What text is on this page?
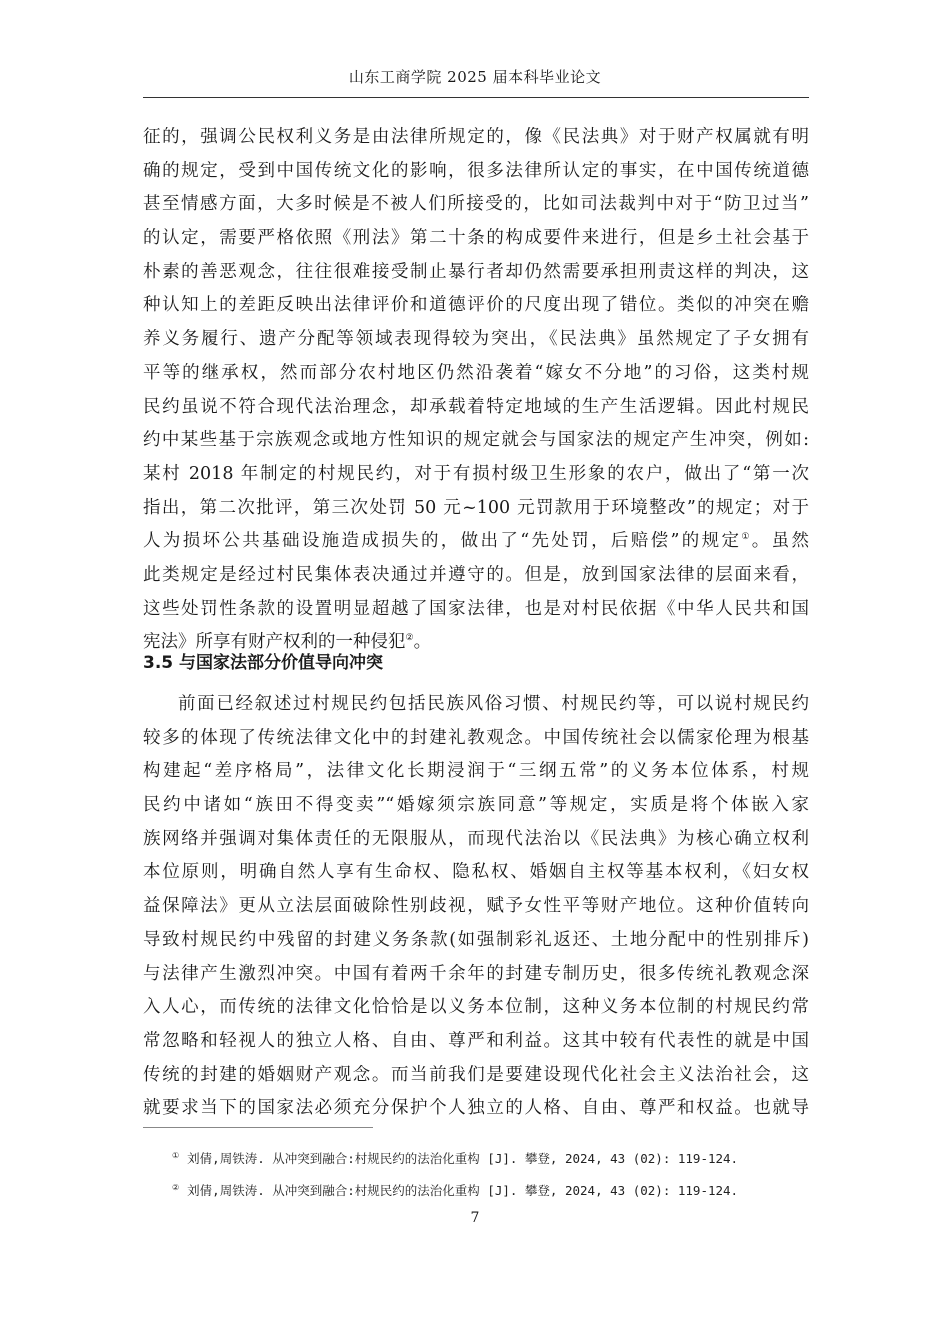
山东工商学院 2025 届本科毕业论文
征的，强调公民权利义务是由法律所规定的，像《民法典》对于财产权属就有明
确的规定，受到中国传统文化的影响，很多法律所认定的事实，在中国传统道德
甚至情感方面，大多时候是不被人们所接受的，比如司法裁判中对于“防卫过当”
的认定，需要严格依照《刑法》第二十条的构成要件来进行，但是乡土社会基于
朴素的善恶观念，往往很难接受制止暴行者却仍然需要承担刑责这样的判决，这
种认知上的差距反映出法律评价和道德评价的尺度出现了错位。类似的冲突在赡
养义务履行、遗产分配等领域表现得较为突出，《民法典》虽然规定了子女拥有
平等的继承权，然而部分农村地区仍然沿袭着“嫁女不分地”的习俗，这类村规
民约虽说不符合现代法治理念，却承载着特定地域的生产生活逻辑。因此村规民
约中某些基于宗族观念或地方性知识的规定就会与国家法的规定产生冲突，例如:
某村 2018 年制定的村规民约，对于有损村级卫生形象的农户，做出了“第一次
指出，第二次批评，第三次处罚 50 元~100 元罚款用于环境整改”的规定；对于
人为损坏公共基础设施造成损失的，做出了“先处罚，后赔偿”的规定①。虽然
此类规定是经过村民集体表决通过并遵守的。但是，放到国家法律的层面来看，
这些处罚性条款的设置明显超越了国家法律，也是对村民依据《中华人民共和国
宪法》所享有财产权利的一种侵犯②。
3.5 与国家法部分价值导向冲突
前面已经叙述过村规民约包括民族风俗习惯、村规民约等，可以说村规民约
较多的体现了传统法律文化中的封建礼教观念。中国传统社会以儒家伦理为根基
构建起“差序格局”，法律文化长期浸润于“三纲五常”的义务本位体系，村规
民约中诸如“族田不得变卖”“婚嫁须宗族同意”等规定，实质是将个体嵌入家
族网络并强调对集体责任的无限服从，而现代法治以《民法典》为核心确立权利
本位原则，明确自然人享有生命权、隐私权、婚姻自主权等基本权利，《妇女权
益保障法》更从立法层面破除性别歧视，赋予女性平等财产地位。这种价值转向
导致村规民约中残留的封建义务条款(如强制彩礼返还、土地分配中的性别排斥)
与法律产生激烈冲突。中国有着两千余年的封建专制历史，很多传统礼教观念深
入人心，而传统的法律文化恰恰是以义务本位制，这种义务本位制的村规民约常
常忽略和轻视人的独立人格、自由、尊严和利益。这其中较有代表性的就是中国
传统的封建的婚姻财产观念。而当前我们是要建设现代化社会主义法治社会，这
就要求当下的国家法必须充分保护个人独立的人格、自由、尊严和权益。也就导
① 刘倩,周铁涛. 从冲突到融合:村规民约的法治化重构 [J]. 攀登, 2024, 43 (02): 119-124.
② 刘倩,周铁涛. 从冲突到融合:村规民约的法治化重构 [J]. 攀登, 2024, 43 (02): 119-124.
7
